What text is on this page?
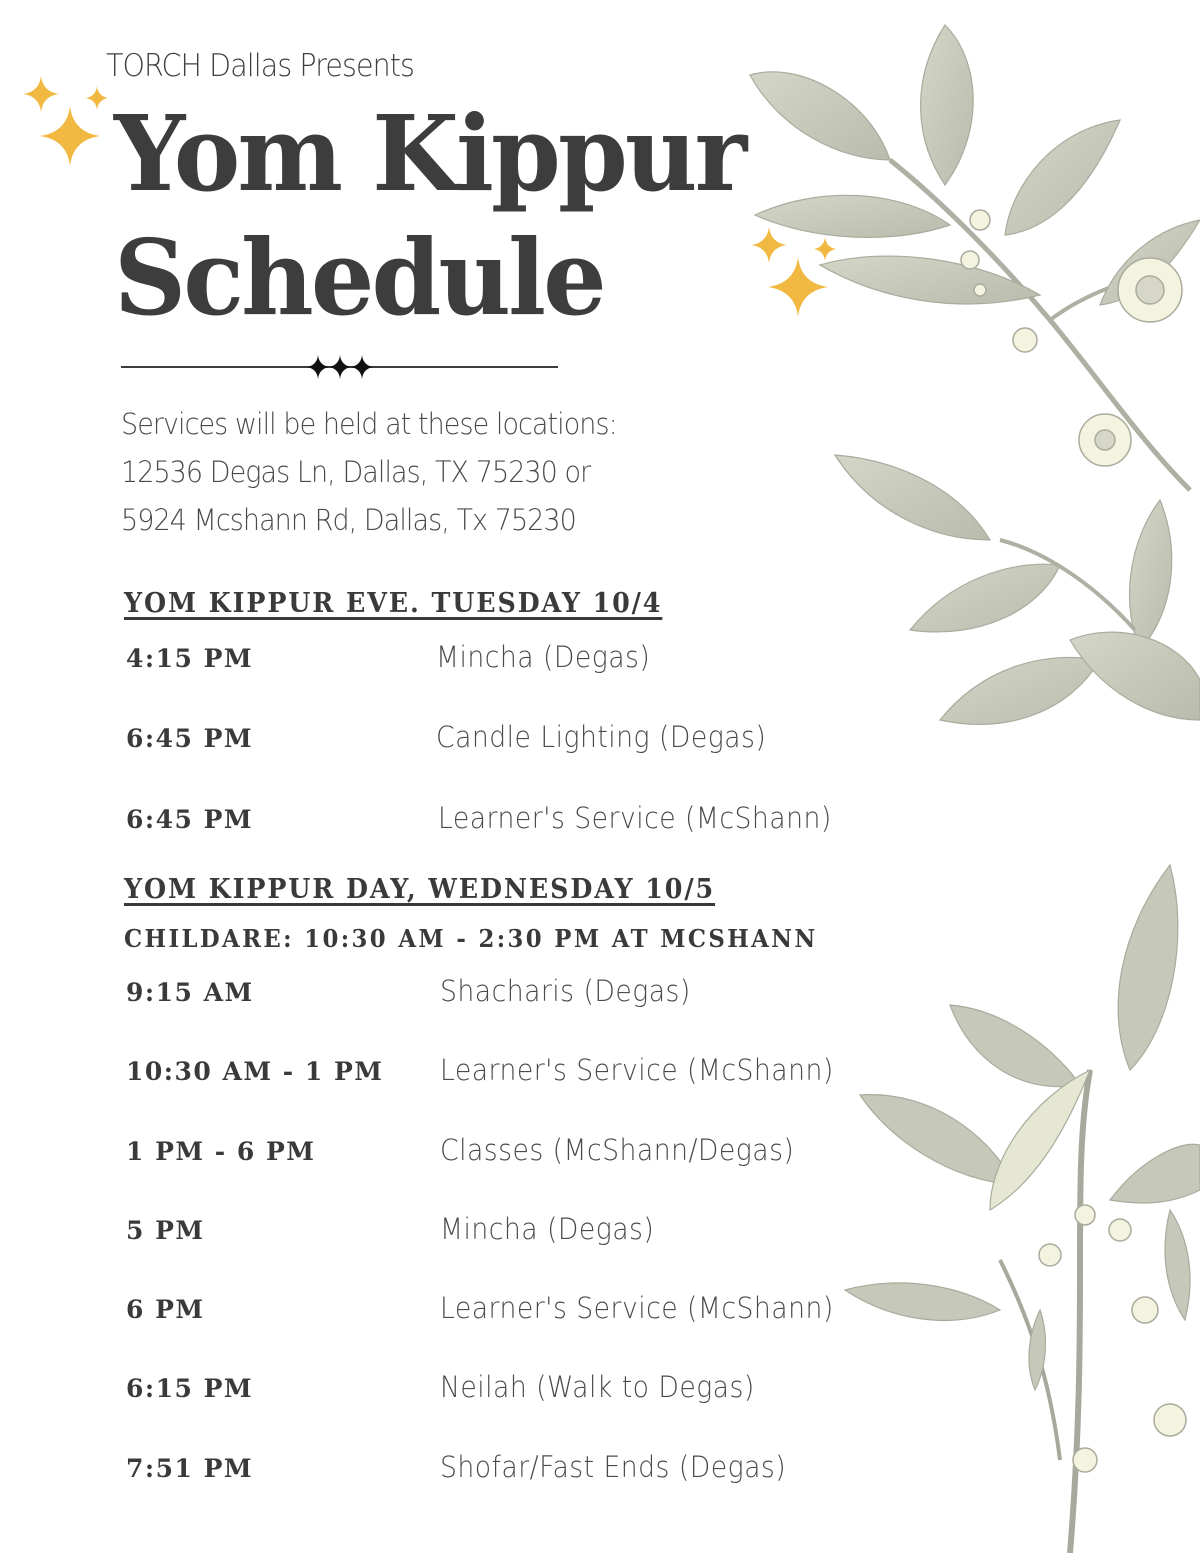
TORCH Dallas Presents
Yom Kippur
Schedule
Services will be held at these locations:
12536 Degas Ln, Dallas, TX 75230 or
5924 Mcshann Rd, Dallas, Tx 75230
YOM KIPPUR EVE. TUESDAY 10/4
4:15 PM	Mincha (Degas)
6:45 PM	Candle Lighting (Degas)
6:45 PM	Learner's Service (McShann)
YOM KIPPUR DAY, WEDNESDAY 10/5
CHILDARE: 10:30 AM - 2:30 PM AT MCSHANN
9:15 AM	Shacharis (Degas)
10:30 AM - 1 PM Learner's Service (McShann)
1 PM - 6 PM	Classes (McShann/Degas)
5 PM	Mincha (Degas)
6 PM	Learner's Service (McShann)
6:15 PM	Neilah (Walk to Degas)
7:51 PM	Shofar/Fast Ends (Degas)
